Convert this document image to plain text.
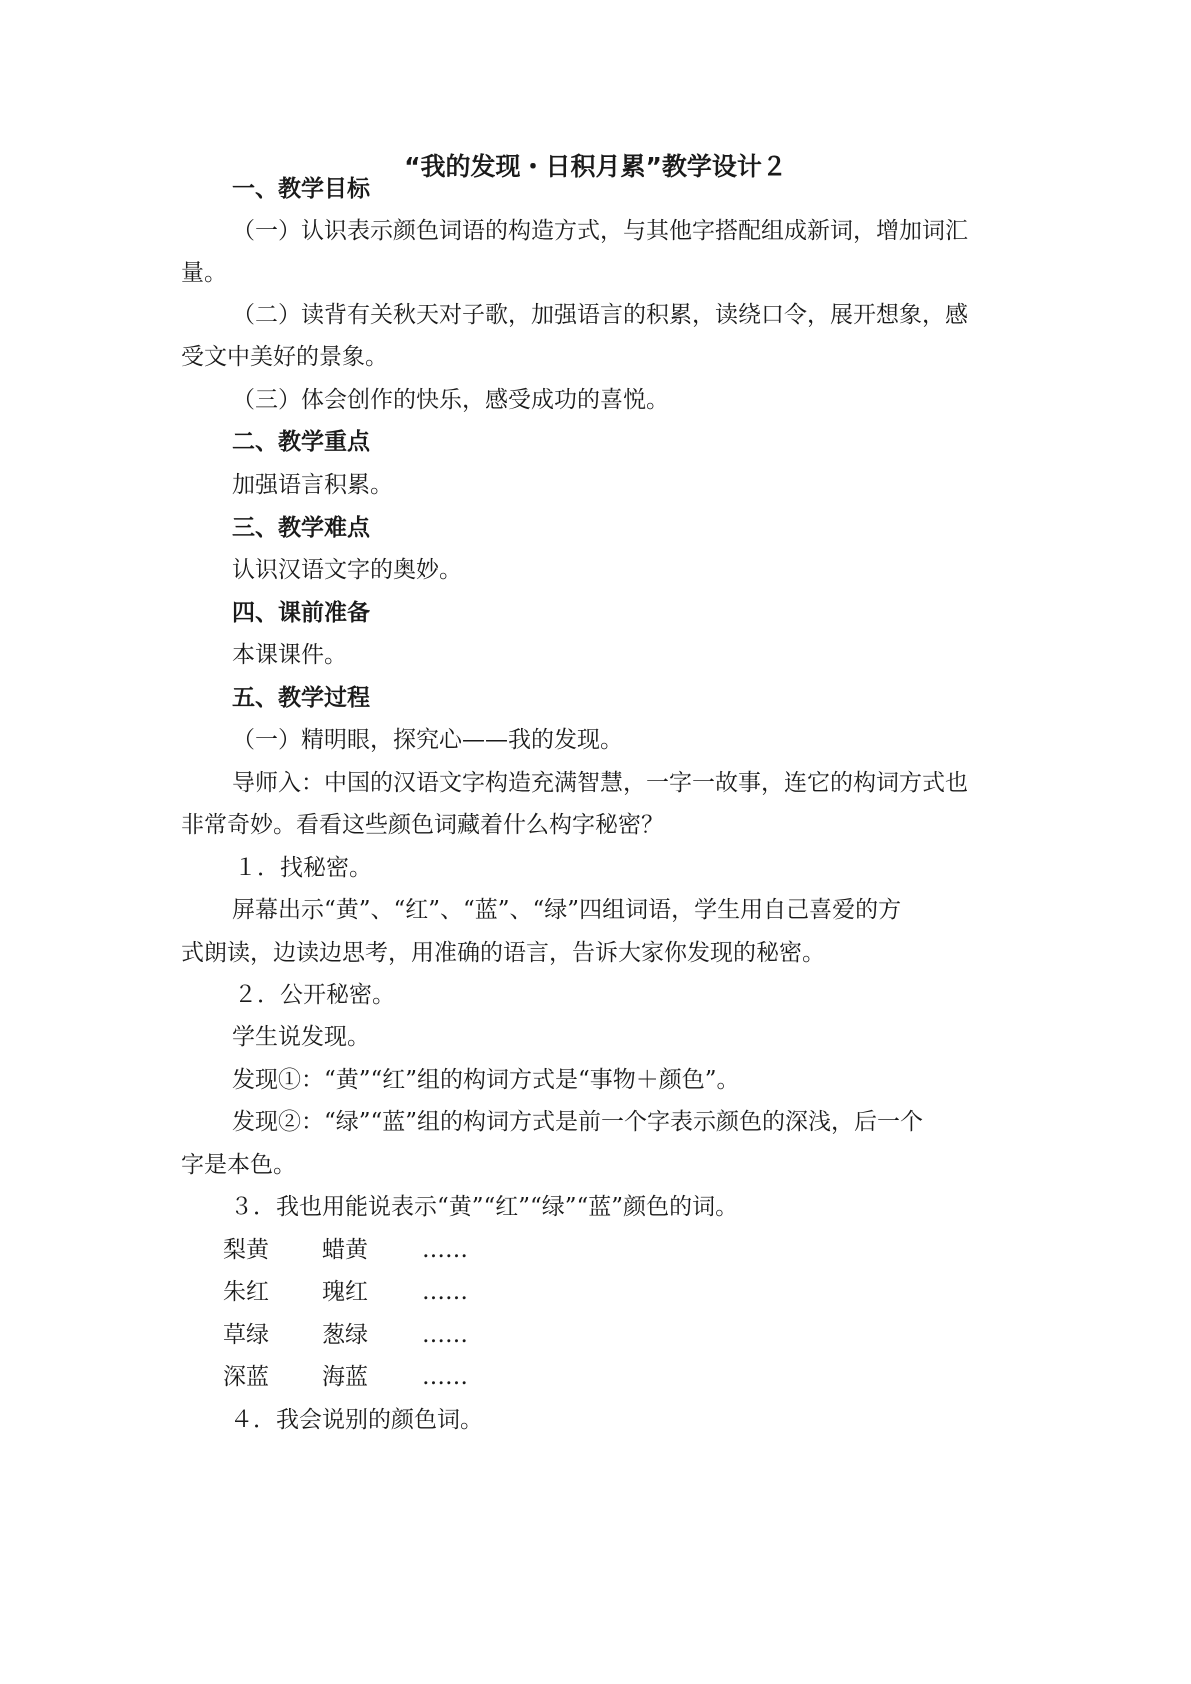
“我的发现・日积月累”教学设计２
一、教学目标
（一）认识表示颜色词语的构造方式，与其他字搭配组成新词，增加词汇
量。
（二）读背有关秋天对子歌，加强语言的积累，读绕口令，展开想象，感
受文中美好的景象。
（三）体会创作的快乐，感受成功的喜悦。
二、教学重点
加强语言积累。
三、教学难点
认识汉语文字的奥妙。
四、课前准备
本课课件。
五、教学过程
（一）精明眼，探究心——我的发现。
导师入：中国的汉语文字构造充满智慧，一字一故事，连它的构词方式也
非常奇妙。看看这些颜色词藏着什么构字秘密？
１．找秘密。
屏幕出示“黄”、“红”、“蓝”、“绿”四组词语，学生用自己喜爱的方
式朗读，边读边思考，用准确的语言，告诉大家你发现的秘密。
２．公开秘密。
学生说发现。
发现①：“黄”“红”组的构词方式是“事物＋颜色”。
发现②：“绿”“蓝”组的构词方式是前一个字表示颜色的深浅，后一个
字是本色。
３．我也用能说表示“黄”“红”“绿”“蓝”颜色的词。
梨黄 蜡黄 ……
朱红 瑰红 ……
草绿 葱绿 ……
深蓝 海蓝 ……
４．我会说别的颜色词。
